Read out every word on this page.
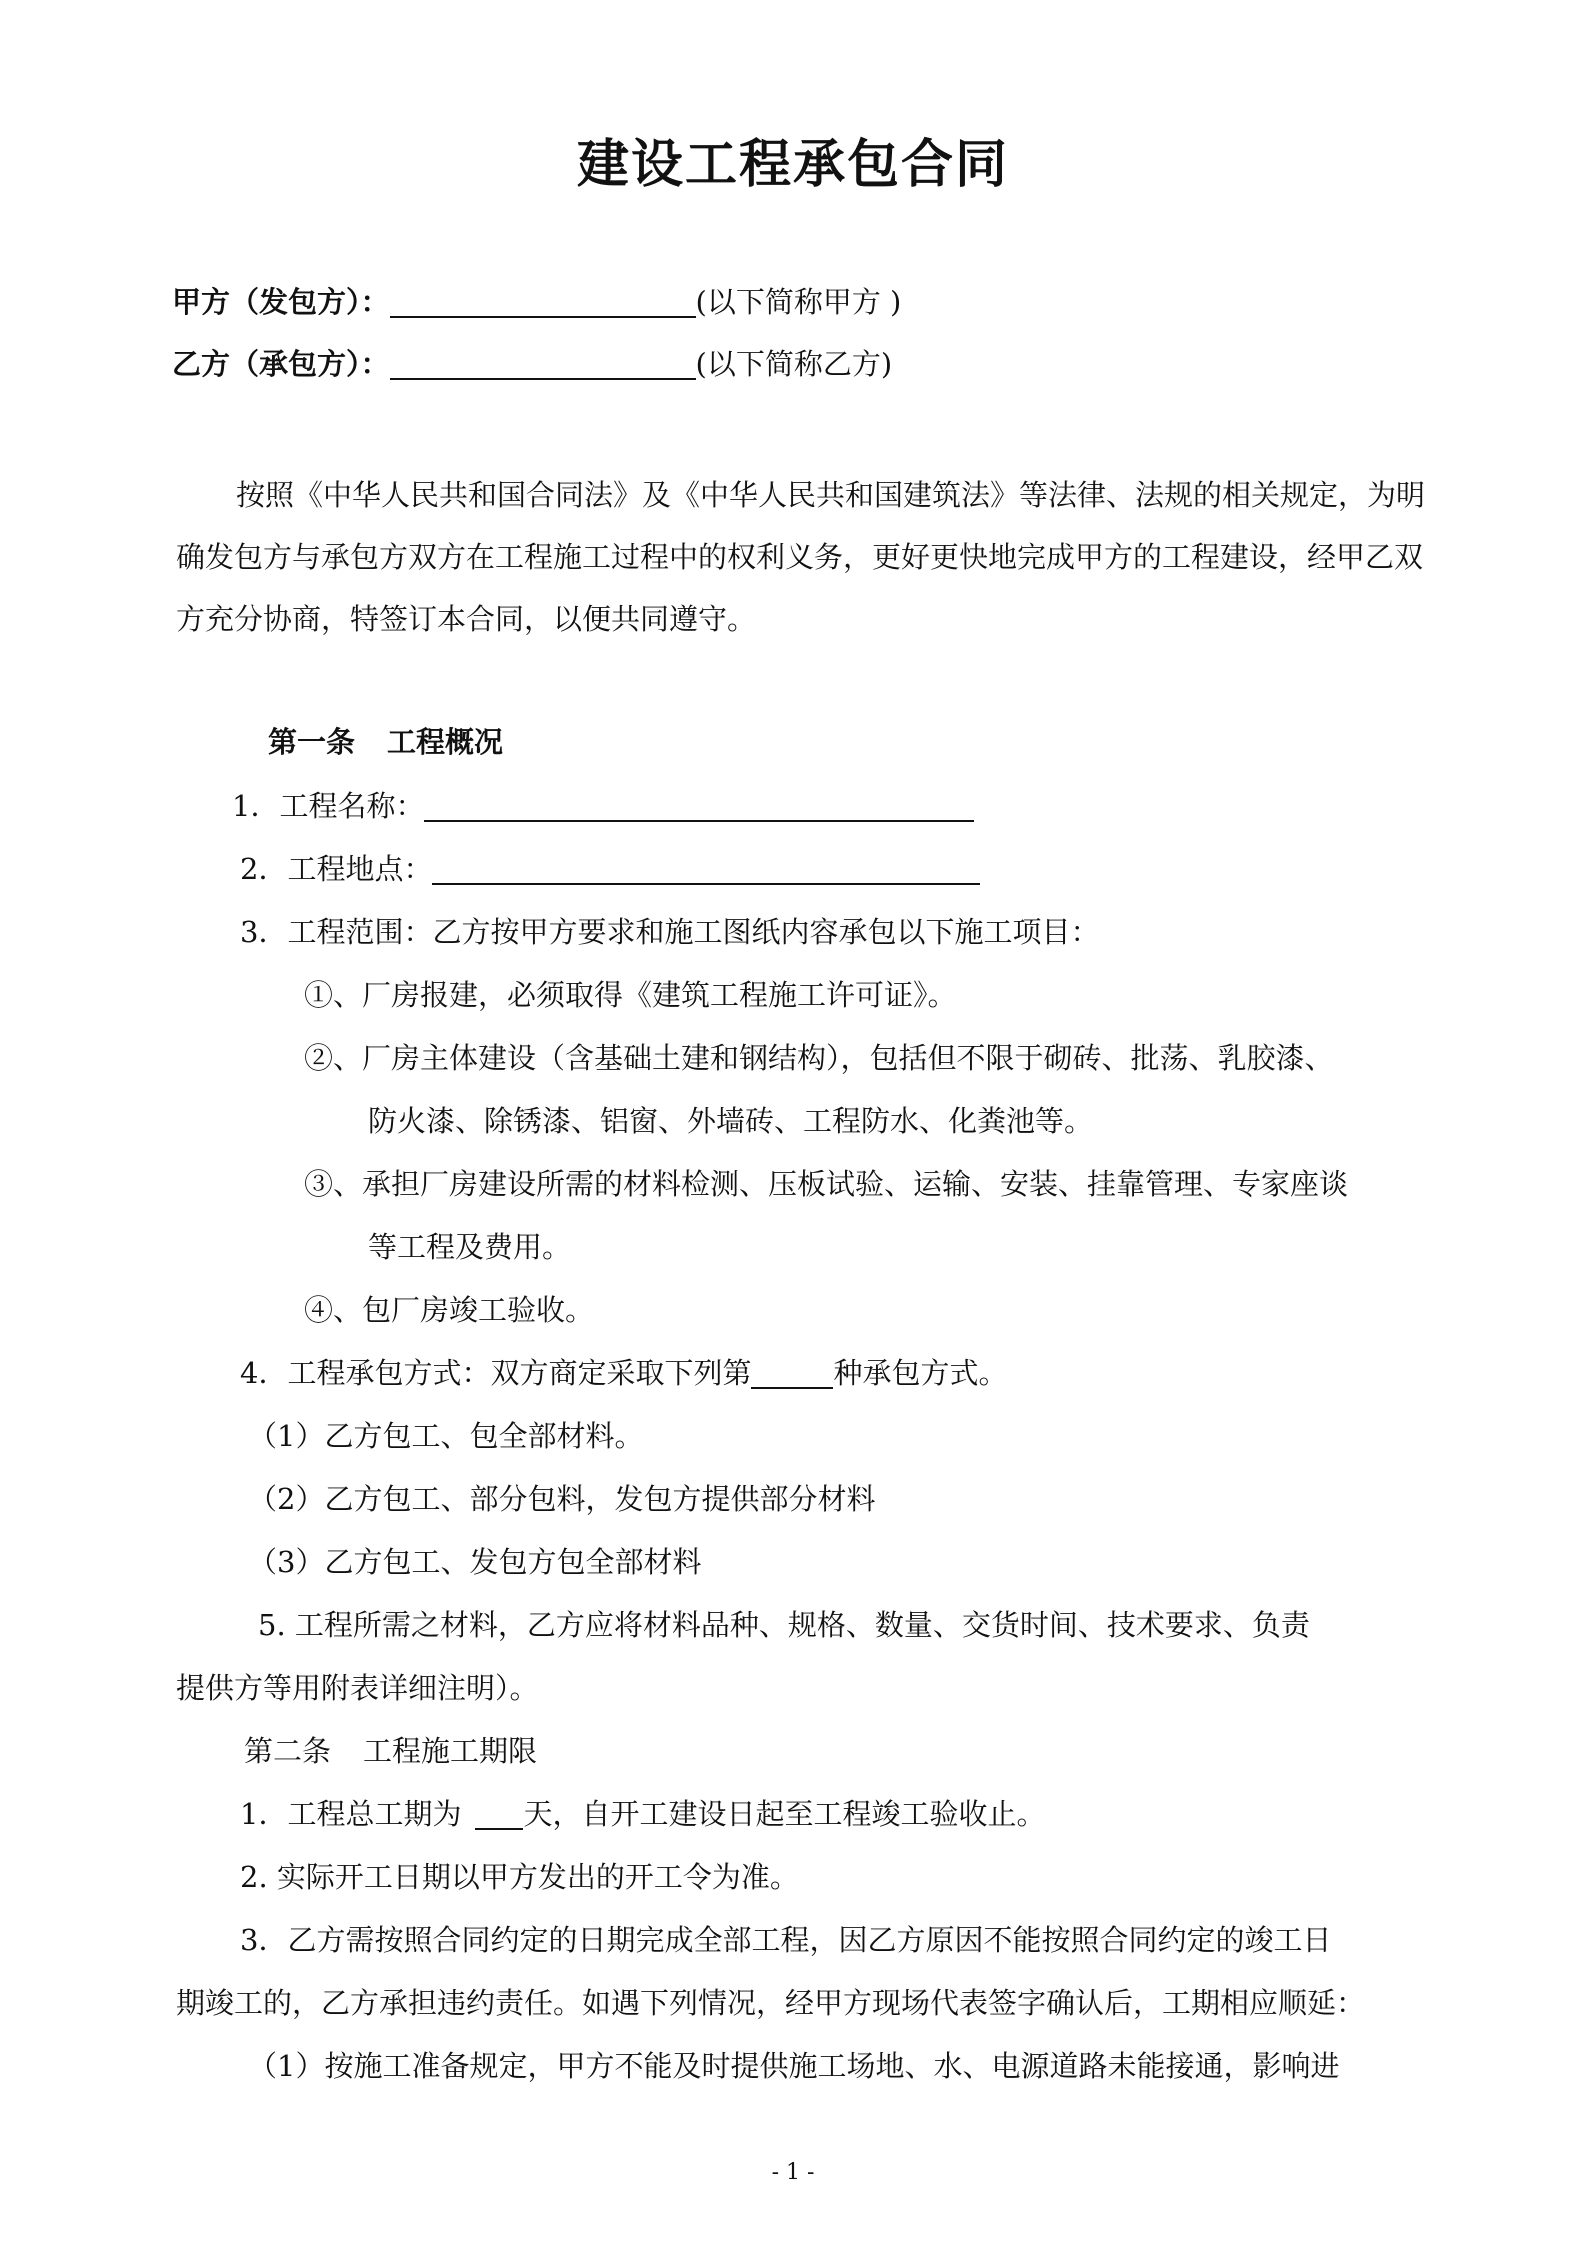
建设工程承包合同
甲方（发包方）：	(以下简称甲方 )
乙方（承包方）：	(以下简称乙方)
按照《中华人民共和国合同法》及《中华人民共和国建筑法》等法律、法规的相关规定，为明确发包方与承包方双方在工程施工过程中的权利义务，更好更快地完成甲方的工程建设，经甲乙双方充分协商，特签订本合同，以便共同遵守。
第一条 工程概况
1．工程名称：
2．工程地点：
3．工程范围：乙方按甲方要求和施工图纸内容承包以下施工项目：
①、厂房报建，必须取得《建筑工程施工许可证》。
②、厂房主体建设（含基础土建和钢结构），包括但不限于砌砖、批荡、乳胶漆、
防火漆、除锈漆、铝窗、外墙砖、工程防水、化粪池等。
③、承担厂房建设所需的材料检测、压板试验、运输、安装、挂靠管理、专家座谈
等工程及费用。
④、包厂房竣工验收。
4．工程承包方式：双方商定采取下列第	种承包方式。
（1）乙方包工、包全部材料。
（2）乙方包工、部分包料，发包方提供部分材料
（3）乙方包工、发包方包全部材料
5. 工程所需之材料，乙方应将材料品种、规格、数量、交货时间、技术要求、负责
提供方等用附表详细注明）。
第二条 工程施工期限
1．工程总工期为 天，自开工建设日起至工程竣工验收止。
2. 实际开工日期以甲方发出的开工令为准。
3．乙方需按照合同约定的日期完成全部工程，因乙方原因不能按照合同约定的竣工日
期竣工的，乙方承担违约责任。如遇下列情况，经甲方现场代表签字确认后，工期相应顺延：
（1）按施工准备规定，甲方不能及时提供施工场地、水、电源道路未能接通，影响进
- 1 -
